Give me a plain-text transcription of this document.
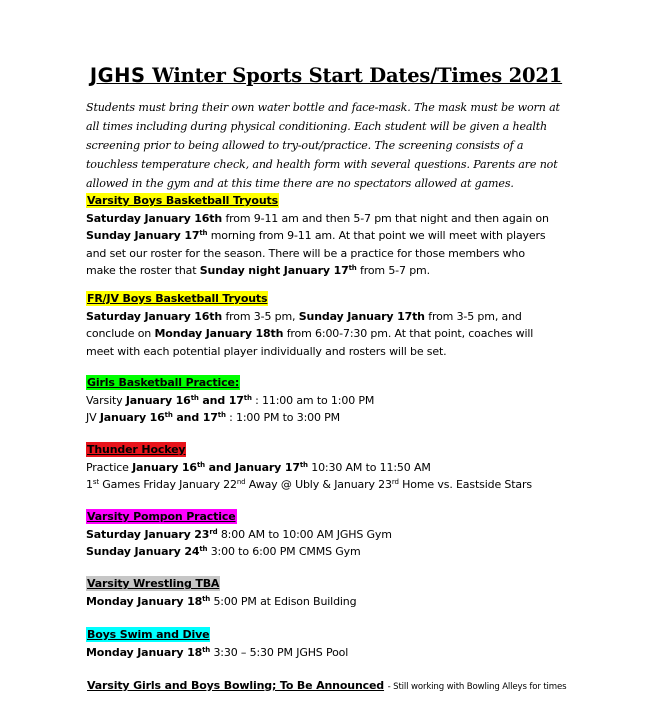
JGHS Winter Sports Start Dates/Times 2021
Students must bring their own water bottle and face-mask. The mask must be worn at
all times including during physical conditioning. Each student will be given a health
screening prior to being allowed to try-out/practice. The screening consists of a
touchless temperature check, and health form with several questions. Parents are not
allowed in the gym and at this time there are no spectators allowed at games.
Varsity Boys Basketball Tryouts
Saturday January 16th from 9-11 am and then 5-7 pm that night and then again on
Sunday January 17th morning from 9-11 am. At that point we will meet with players
and set our roster for the season. There will be a practice for those members who
make the roster that Sunday night January 17th from 5-7 pm.
FR/JV Boys Basketball Tryouts
Saturday January 16th from 3-5 pm, Sunday January 17th from 3-5 pm, and
conclude on Monday January 18th from 6:00-7:30 pm. At that point, coaches will
meet with each potential player individually and rosters will be set.
Girls Basketball Practice:
Varsity January 16th and 17th : 11:00 am to 1:00 PM
JV January 16th and 17th : 1:00 PM to 3:00 PM
Thunder Hockey
Practice January 16th and January 17th 10:30 AM to 11:50 AM
1st Games Friday January 22nd Away @ Ubly & January 23rd Home vs. Eastside Stars
Varsity Pompon Practice
Saturday January 23rd 8:00 AM to 10:00 AM JGHS Gym
Sunday January 24th 3:00 to 6:00 PM CMMS Gym
Varsity Wrestling TBA
Monday January 18th 5:00 PM at Edison Building
Boys Swim and Dive
Monday January 18th 3:30 – 5:30 PM JGHS Pool
Varsity Girls and Boys Bowling; To Be Announced - Still working with Bowling Alleys for times
